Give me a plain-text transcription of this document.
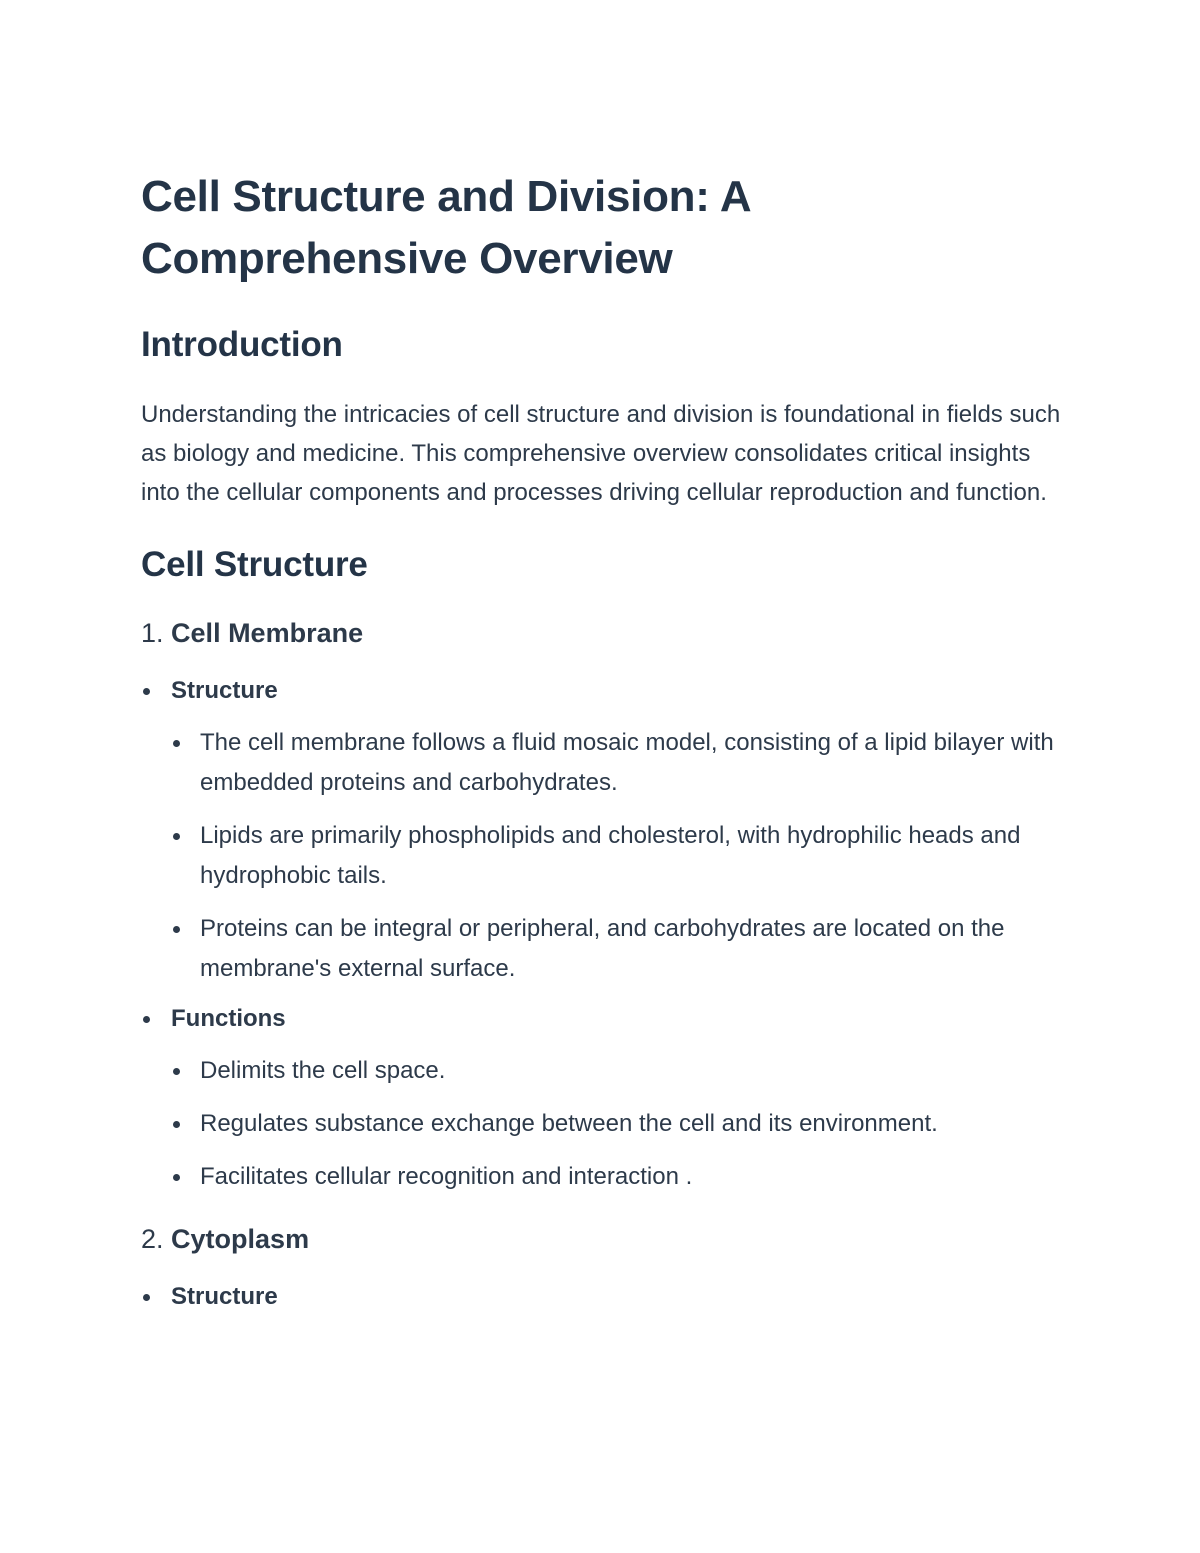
Cell Structure and Division: A Comprehensive Overview
Introduction

Understanding the intricacies of cell structure and division is foundational in fields such as biology and medicine. This comprehensive overview consolidates critical insights into the cellular components and processes driving cellular reproduction and function.

Cell Structure
1. Cell Membrane
Structure
The cell membrane follows a fluid mosaic model, consisting of a lipid bilayer with embedded proteins and carbohydrates.
Lipids are primarily phospholipids and cholesterol, with hydrophilic heads and hydrophobic tails.
Proteins can be integral or peripheral, and carbohydrates are located on the membrane's external surface.
Functions
Delimits the cell space.
Regulates substance exchange between the cell and its environment.
Facilitates cellular recognition and interaction .
2. Cytoplasm
Structure
